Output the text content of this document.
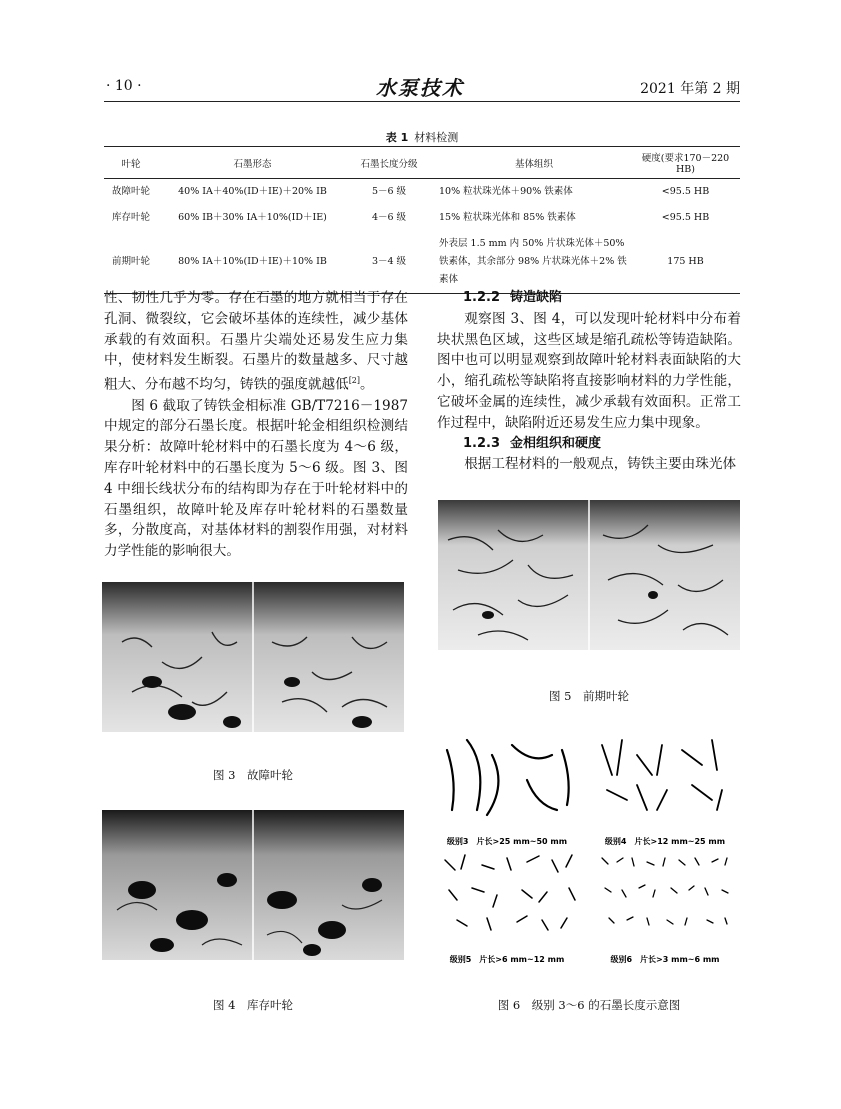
· 10 ·	水泵技术	2021 年第 2 期
表 1 材料检测
叶轮	石墨形态	石墨长度分级	基体组织	硬度(要求170－220 HB)
故障叶轮	40% IA＋40%(ID＋IE)＋20% IB	5－6 级	10% 粒状珠光体＋90% 铁素体	<95.5 HB
库存叶轮	60% IB＋30% IA＋10%(ID＋IE)	4－6 级	15% 粒状珠光体和 85% 铁素体	<95.5 HB
前期叶轮	80% IA＋10%(ID＋IE)＋10% IB	3－4 级	外表层 1.5 mm 内 50% 片状珠光体＋50% 铁素体，其余部分 98% 片状珠光体＋2% 铁素体	175 HB

性、韧性几乎为零。存在石墨的地方就相当于存在孔洞、微裂纹，它会破坏基体的连续性，减少基体承载的有效面积。石墨片尖端处还易发生应力集中，使材料发生断裂。石墨片的数量越多、尺寸越粗大、分布越不均匀，铸铁的强度就越低[2]。

图 6 截取了铸铁金相标准 GB/T7216－1987 中规定的部分石墨长度。根据叶轮金相组织检测结果分析：故障叶轮材料中的石墨长度为 4～6 级，库存叶轮材料中的石墨长度为 5～6 级。图 3、图 4 中细长线状分布的结构即为存在于叶轮材料中的石墨组织，故障叶轮及库存叶轮材料的石墨数量多，分散度高，对基体材料的割裂作用强，对材料力学性能的影响很大。

1.2.2 铸造缺陷

观察图 3、图 4，可以发现叶轮材料中分布着块状黑色区域，这些区域是缩孔疏松等铸造缺陷。图中也可以明显观察到故障叶轮材料表面缺陷的大小，缩孔疏松等缺陷将直接影响材料的力学性能，它破坏金属的连续性，减少承载有效面积。正常工作过程中，缺陷附近还易发生应力集中现象。

1.2.3 金相组织和硬度

根据工程材料的一般观点，铸铁主要由珠光体

图 3　故障叶轮
图 4　库存叶轮
图 5　前期叶轮
级别3　片长>25 mm~50 mm	级别4　片长>12 mm~25 mm
级别5　片长>6 mm~12 mm	级别6　片长>3 mm~6 mm
图 6　级别 3～6 的石墨长度示意图
